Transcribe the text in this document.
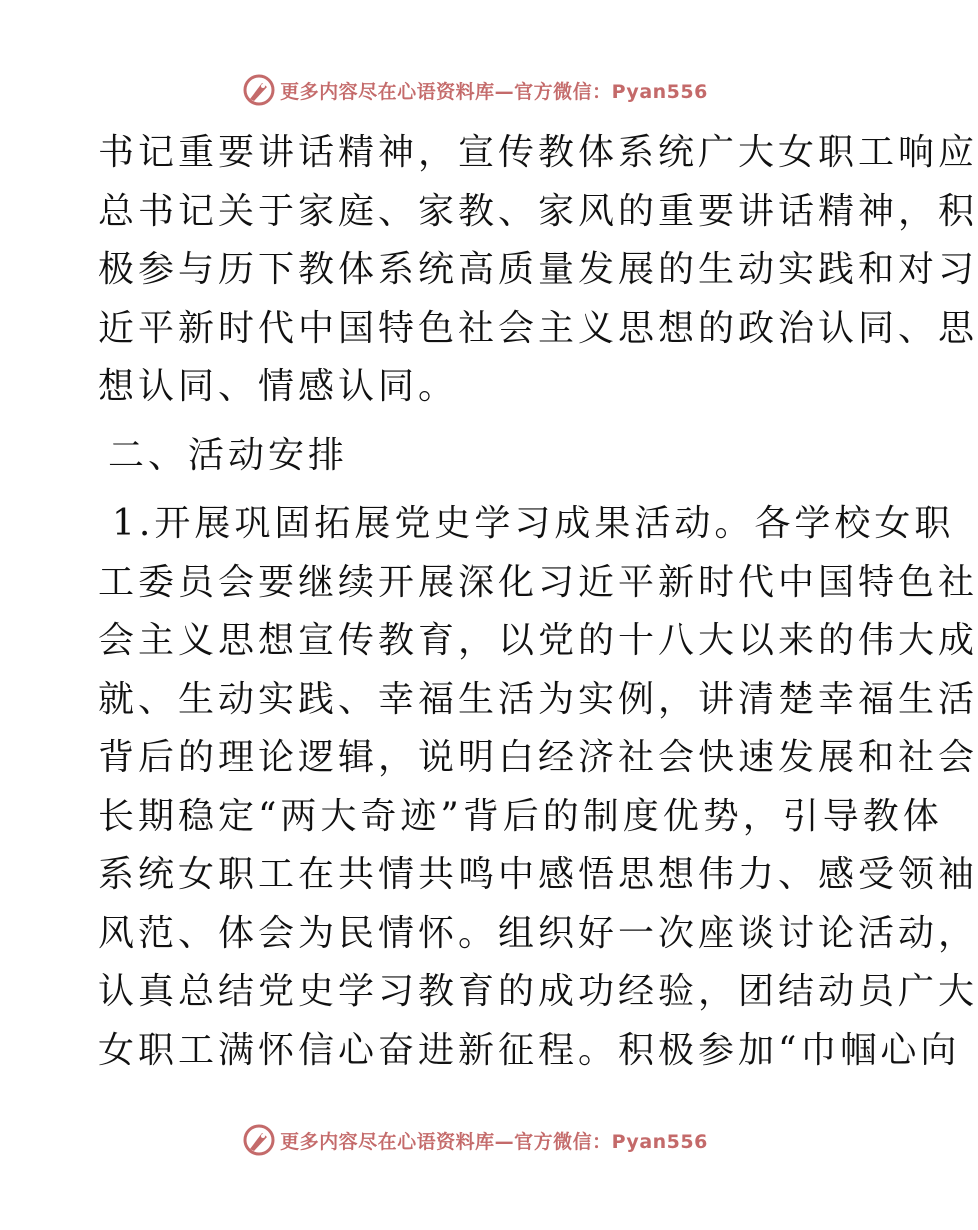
更多内容尽在心语资料库—官方微信：Pyan556
书记重要讲话精神，宣传教体系统广大女职工响应
总书记关于家庭、家教、家风的重要讲话精神，积
极参与历下教体系统高质量发展的生动实践和对习
近平新时代中国特色社会主义思想的政治认同、思
想认同、情感认同。
二、活动安排
1.开展巩固拓展党史学习成果活动。各学校女职
工委员会要继续开展深化习近平新时代中国特色社
会主义思想宣传教育，以党的十八大以来的伟大成
就、生动实践、幸福生活为实例，讲清楚幸福生活
背后的理论逻辑，说明白经济社会快速发展和社会
长期稳定“两大奇迹”背后的制度优势，引导教体
系统女职工在共情共鸣中感悟思想伟力、感受领袖
风范、体会为民情怀。组织好一次座谈讨论活动，
认真总结党史学习教育的成功经验，团结动员广大
女职工满怀信心奋进新征程。积极参加“巾帼心向
更多内容尽在心语资料库—官方微信：Pyan556
